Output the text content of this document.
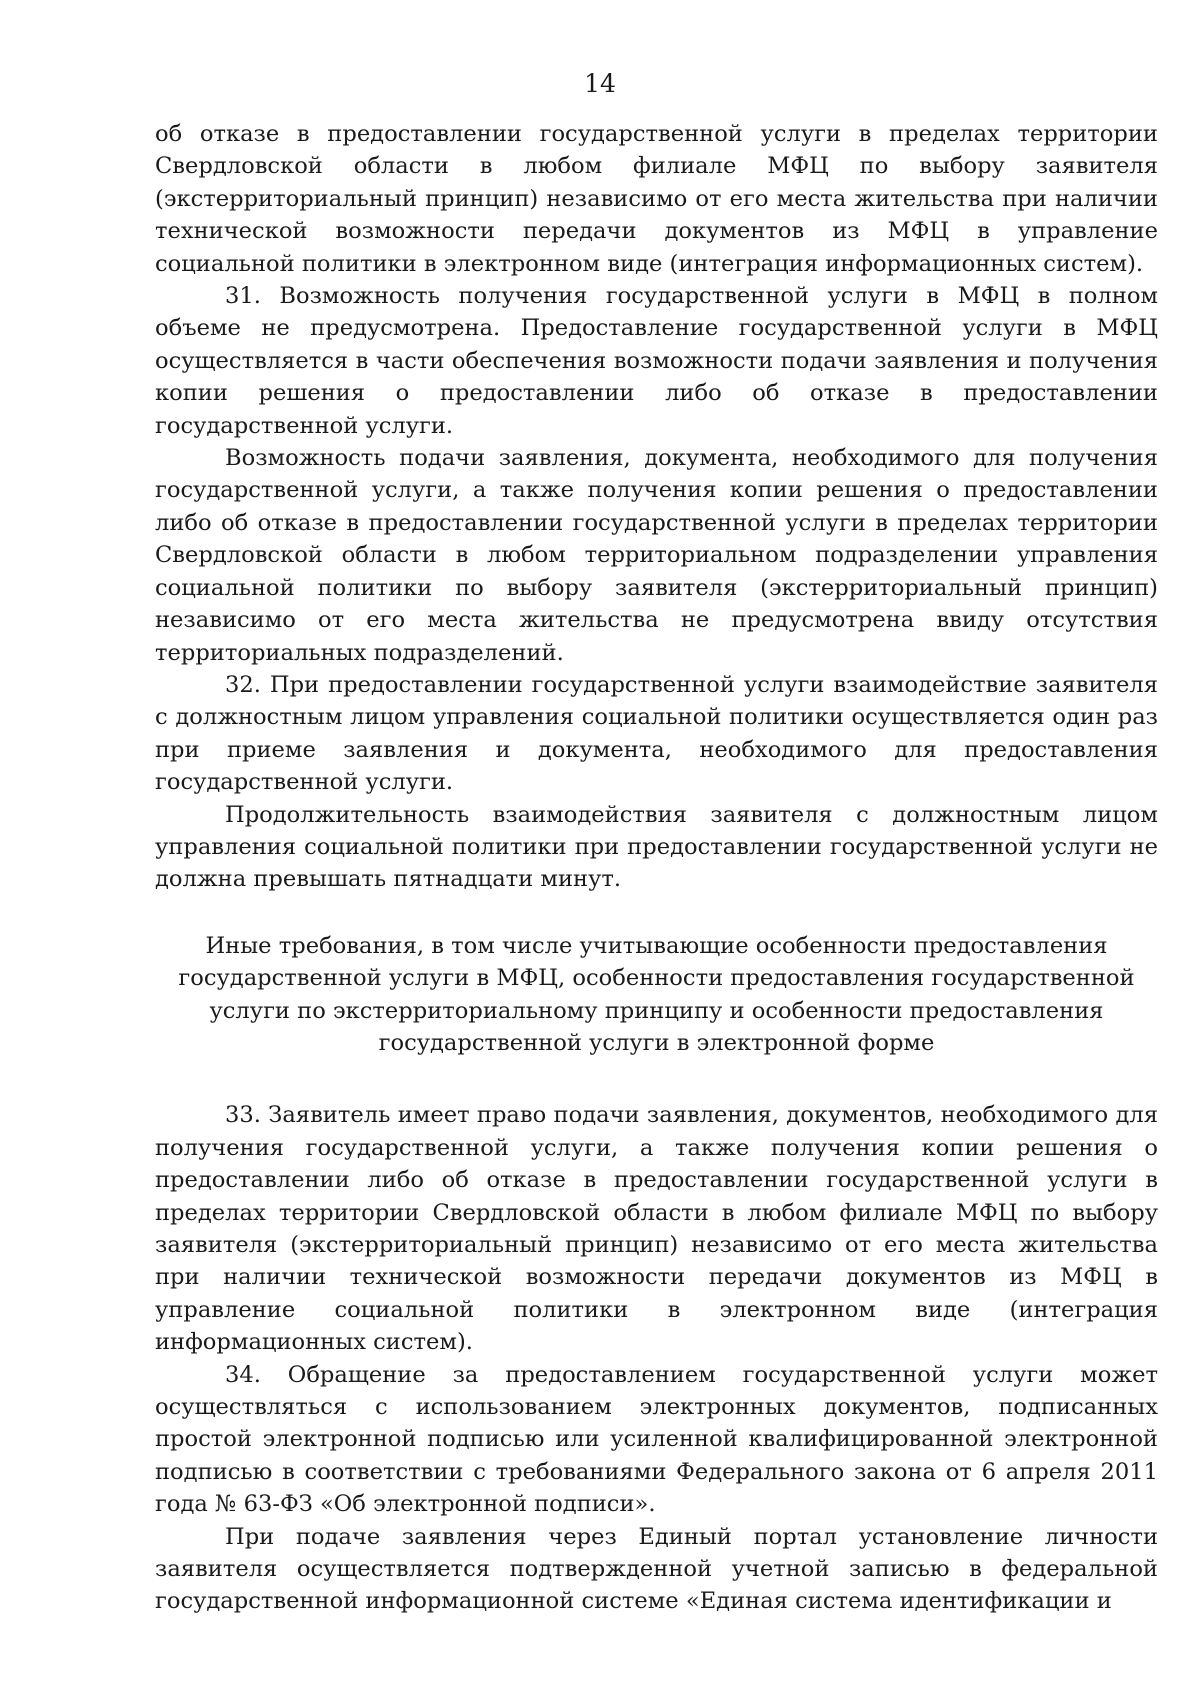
14

об отказе в предоставлении государственной услуги в пределах территории Свердловской области в любом филиале МФЦ по выбору заявителя (экстерриториальный принцип) независимо от его места жительства при наличии технической возможности передачи документов из МФЦ в управление социальной политики в электронном виде (интеграция информационных систем).

31. Возможность получения государственной услуги в МФЦ в полном объеме не предусмотрена. Предоставление государственной услуги в МФЦ осуществляется в части обеспечения возможности подачи заявления и получения копии решения о предоставлении либо об отказе в предоставлении государственной услуги.

Возможность подачи заявления, документа, необходимого для получения государственной услуги, а также получения копии решения о предоставлении либо об отказе в предоставлении государственной услуги в пределах территории Свердловской области в любом территориальном подразделении управления социальной политики по выбору заявителя (экстерриториальный принцип) независимо от его места жительства не предусмотрена ввиду отсутствия территориальных подразделений.

32. При предоставлении государственной услуги взаимодействие заявителя с должностным лицом управления социальной политики осуществляется один раз при приеме заявления и документа, необходимого для предоставления государственной услуги.

Продолжительность взаимодействия заявителя с должностным лицом управления социальной политики при предоставлении государственной услуги не должна превышать пятнадцати минут.

Иные требования, в том числе учитывающие особенности предоставления государственной услуги в МФЦ, особенности предоставления государственной услуги по экстерриториальному принципу и особенности предоставления государственной услуги в электронной форме

33. Заявитель имеет право подачи заявления, документов, необходимого для получения государственной услуги, а также получения копии решения о предоставлении либо об отказе в предоставлении государственной услуги в пределах территории Свердловской области в любом филиале МФЦ по выбору заявителя (экстерриториальный принцип) независимо от его места жительства при наличии технической возможности передачи документов из МФЦ в управление социальной политики в электронном виде (интеграция информационных систем).

34. Обращение за предоставлением государственной услуги может осуществляться с использованием электронных документов, подписанных простой электронной подписью или усиленной квалифицированной электронной подписью в соответствии с требованиями Федерального закона от 6 апреля 2011 года № 63-ФЗ «Об электронной подписи».

При подаче заявления через Единый портал установление личности заявителя осуществляется подтвержденной учетной записью в федеральной государственной информационной системе «Единая система идентификации и
